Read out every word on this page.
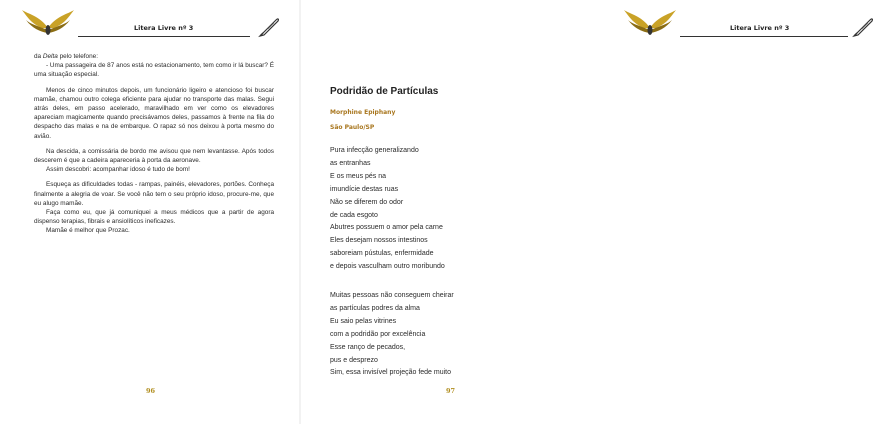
Litera Livre nº 3

da Delta pelo telefone:

- Uma passageira de 87 anos está no estacionamento, tem como ir lá buscar? É uma situação especial.

Menos de cinco minutos depois, um funcionário ligeiro e atencioso foi buscar mamãe, chamou outro colega eficiente para ajudar no transporte das malas. Segui atrás deles, em passo acelerado, maravilhado em ver como os elevadores apareciam magicamente quando precisávamos deles, passamos à frente na fila do despacho das malas e na de embarque. O rapaz só nos deixou à porta mesmo do avião.

Na descida, a comissária de bordo me avisou que nem levantasse. Após todos descerem é que a cadeira apareceria à porta da aeronave.

Assim descobri: acompanhar idoso é tudo de bom!

Esqueça as dificuldades todas - rampas, painéis, elevadores, portões. Conheça finalmente a alegria de voar. Se você não tem o seu próprio idoso, procure-me, que eu alugo mamãe.

Faça como eu, que já comuniquei a meus médicos que a partir de agora dispenso terapias, fibrais e ansiolíticos ineficazes.

Mamãe é melhor que Prozac.

96
Litera Livre nº 3
Podridão de Partículas
Morphine Epiphany
São Paulo/SP
Pura infecção generalizando
as entranhas
E os meus pés na
imundície destas ruas
Não se diferem do odor
de cada esgoto
Abutres possuem o amor pela carne
Eles desejam nossos intestinos
saboreiam pústulas, enfermidade
e depois vasculham outro moribundo
Muitas pessoas não conseguem cheirar
as partículas podres da alma
Eu saio pelas vitrines
com a podridão por excelência
Esse ranço de pecados,
pus e desprezo
Sim, essa invisível projeção fede muito
97
